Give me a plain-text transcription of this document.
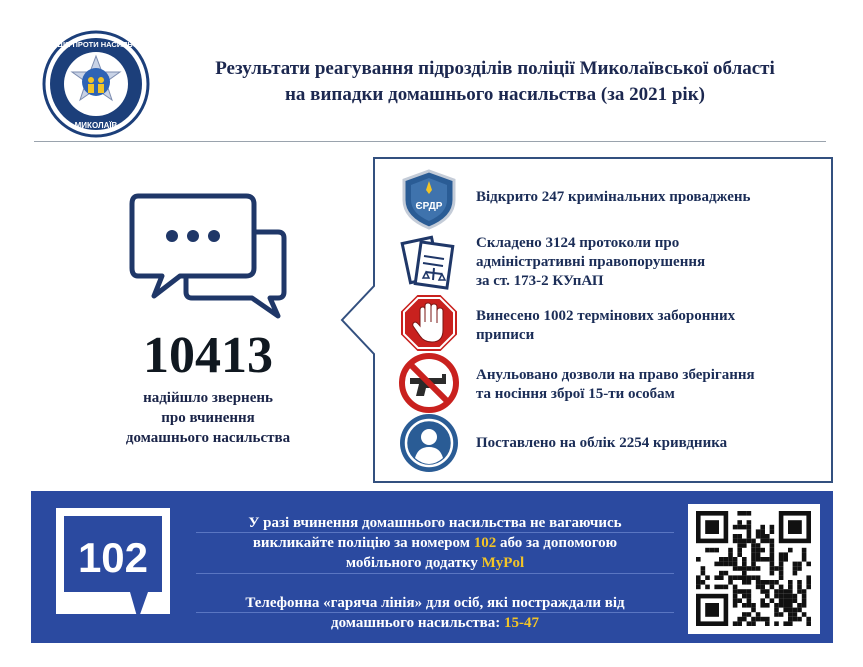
ПОЛІЦІЯ ПРОТИ НАСИЛЬСТВА
МИКОЛАЇВ
Результати реагування підрозділів поліції Миколаївської області
на випадки домашнього насильства (за 2021 рік)
10413
надійшло звернень
про вчинення
домашнього насильства
ЄРДР
Відкрито 247 кримінальних проваджень
Складено 3124 протоколи про
адміністративні правопорушення
за ст. 173-2 КУпАП
Винесено 1002 термінових заборонних
приписи
Анульовано дозволи на право зберігання
та носіння зброї 15-ти особам
Поставлено на облік 2254 кривдника
102
У разі вчинення домашнього насильства не вагаючись
викликайте поліцію за номером 102 або за допомогою
мобільного додатку MyPol
Телефонна «гаряча лінія» для осіб, які постраждали від
домашнього насильства: 15-47
